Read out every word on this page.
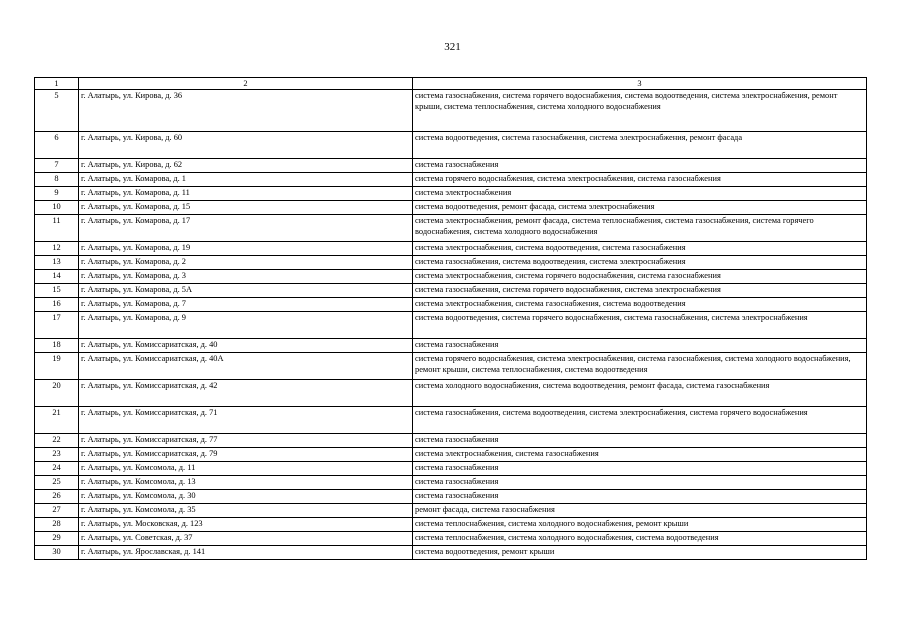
321
1	2	3
5	г. Алатырь, ул. Кирова, д. 36	система газоснабжения, система горячего водоснабжения, система водоотведения, система электроснабжения, ремонт крыши, система теплоснабжения, система холодного водоснабжения
6	г. Алатырь, ул. Кирова, д. 60	система водоотведения, система газоснабжения, система электроснабжения, ремонт фасада
7	г. Алатырь, ул. Кирова, д. 62	система газоснабжения
8	г. Алатырь, ул. Комарова, д. 1	система горячего водоснабжения, система электроснабжения, система газоснабжения
9	г. Алатырь, ул. Комарова, д. 11	система электроснабжения
10	г. Алатырь, ул. Комарова, д. 15	система водоотведения, ремонт фасада, система электроснабжения
11	г. Алатырь, ул. Комарова, д. 17	система электроснабжения, ремонт фасада, система теплоснабжения, система газоснабжения, система горячего водоснабжения, система холодного водоснабжения
12	г. Алатырь, ул. Комарова, д. 19	система электроснабжения, система водоотведения, система газоснабжения
13	г. Алатырь, ул. Комарова, д. 2	система газоснабжения, система водоотведения, система электроснабжения
14	г. Алатырь, ул. Комарова, д. 3	система электроснабжения, система горячего водоснабжения, система газоснабжения
15	г. Алатырь, ул. Комарова, д. 5А	система газоснабжения, система горячего водоснабжения, система электроснабжения
16	г. Алатырь, ул. Комарова, д. 7	система электроснабжения, система газоснабжения, система водоотведения
17	г. Алатырь, ул. Комарова, д. 9	система водоотведения, система горячего водоснабжения, система газоснабжения, система электроснабжения
18	г. Алатырь, ул. Комиссариатская, д. 40	система газоснабжения
19	г. Алатырь, ул. Комиссариатская, д. 40А	система горячего водоснабжения, система электроснабжения, система газоснабжения, система холодного водоснабжения, ремонт крыши, система теплоснабжения, система водоотведения
20	г. Алатырь, ул. Комиссариатская, д. 42	система холодного водоснабжения, система водоотведения, ремонт фасада, система газоснабжения
21	г. Алатырь, ул. Комиссариатская, д. 71	система газоснабжения, система водоотведения, система электроснабжения, система горячего водоснабжения
22	г. Алатырь, ул. Комиссариатская, д. 77	система газоснабжения
23	г. Алатырь, ул. Комиссариатская, д. 79	система электроснабжения, система газоснабжения
24	г. Алатырь, ул. Комсомола, д. 11	система газоснабжения
25	г. Алатырь, ул. Комсомола, д. 13	система газоснабжения
26	г. Алатырь, ул. Комсомола, д. 30	система газоснабжения
27	г. Алатырь, ул. Комсомола, д. 35	ремонт фасада, система газоснабжения
28	г. Алатырь, ул. Московская, д. 123	система теплоснабжения, система холодного водоснабжения, ремонт крыши
29	г. Алатырь, ул. Советская, д. 37	система теплоснабжения, система холодного водоснабжения, система водоотведения
30	г. Алатырь, ул. Ярославская, д. 141	система водоотведения, ремонт крыши
